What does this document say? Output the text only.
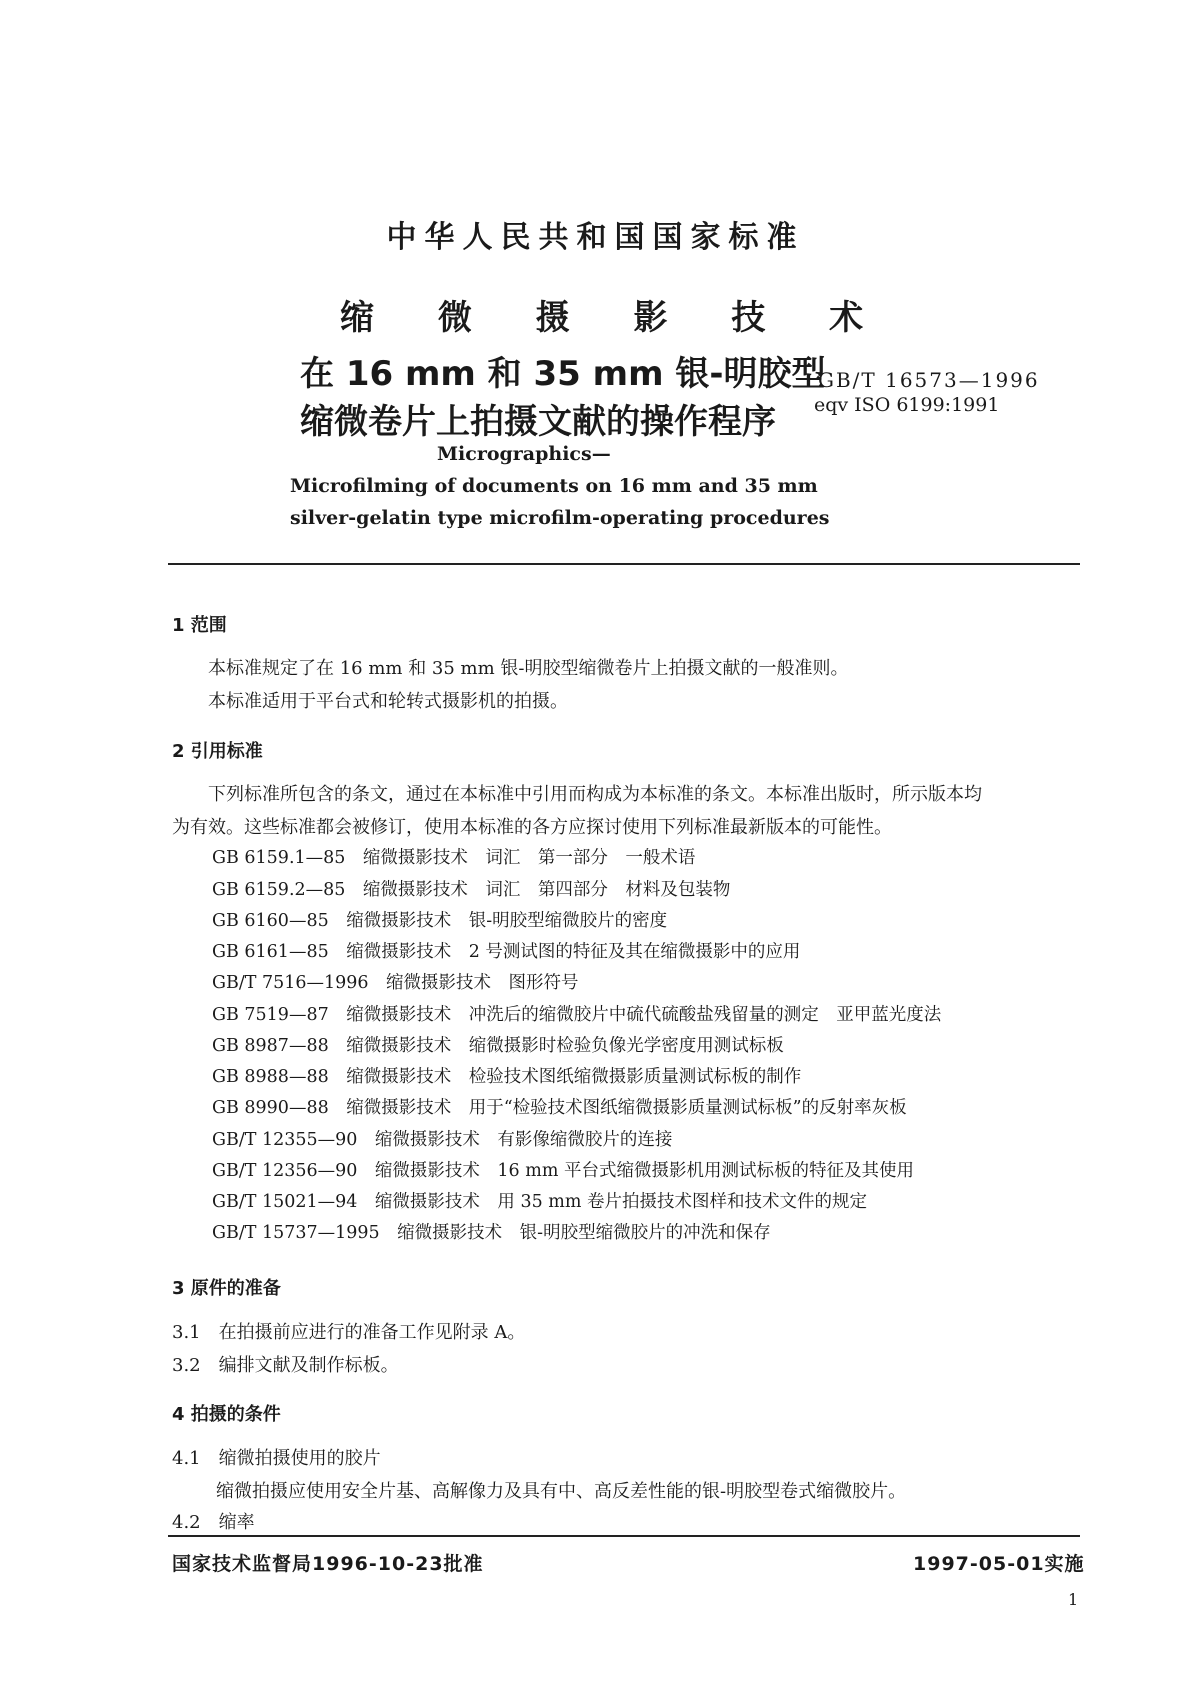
中华人民共和国国家标准
缩 微 摄 影 技 术
在 16 mm 和 35 mm 银-明胶型
缩微卷片上拍摄文献的操作程序
GB/T 16573—1996
eqv ISO 6199:1991
Micrographics—
Microfilming of documents on 16 mm and 35 mm
silver-gelatin type microfilm-operating procedures
1 范围
本标准规定了在 16 mm 和 35 mm 银-明胶型缩微卷片上拍摄文献的一般准则。
本标准适用于平台式和轮转式摄影机的拍摄。
2 引用标准
下列标准所包含的条文，通过在本标准中引用而构成为本标准的条文。本标准出版时，所示版本均
为有效。这些标准都会被修订，使用本标准的各方应探讨使用下列标准最新版本的可能性。
GB 6159.1—85　缩微摄影技术　词汇　第一部分　一般术语
GB 6159.2—85　缩微摄影技术　词汇　第四部分　材料及包装物
GB 6160—85　缩微摄影技术　银-明胶型缩微胶片的密度
GB 6161—85　缩微摄影技术　2 号测试图的特征及其在缩微摄影中的应用
GB/T 7516—1996　缩微摄影技术　图形符号
GB 7519—87　缩微摄影技术　冲洗后的缩微胶片中硫代硫酸盐残留量的测定　亚甲蓝光度法
GB 8987—88　缩微摄影技术　缩微摄影时检验负像光学密度用测试标板
GB 8988—88　缩微摄影技术　检验技术图纸缩微摄影质量测试标板的制作
GB 8990—88　缩微摄影技术　用于“检验技术图纸缩微摄影质量测试标板”的反射率灰板
GB/T 12355—90　缩微摄影技术　有影像缩微胶片的连接
GB/T 12356—90　缩微摄影技术　16 mm 平台式缩微摄影机用测试标板的特征及其使用
GB/T 15021—94　缩微摄影技术　用 35 mm 卷片拍摄技术图样和技术文件的规定
GB/T 15737—1995　缩微摄影技术　银-明胶型缩微胶片的冲洗和保存
3 原件的准备
3.1　在拍摄前应进行的准备工作见附录 A。
3.2　编排文献及制作标板。
4 拍摄的条件
4.1　缩微拍摄使用的胶片
缩微拍摄应使用安全片基、高解像力及具有中、高反差性能的银-明胶型卷式缩微胶片。
4.2　缩率
国家技术监督局1996-10-23批准	1997-05-01实施
1
